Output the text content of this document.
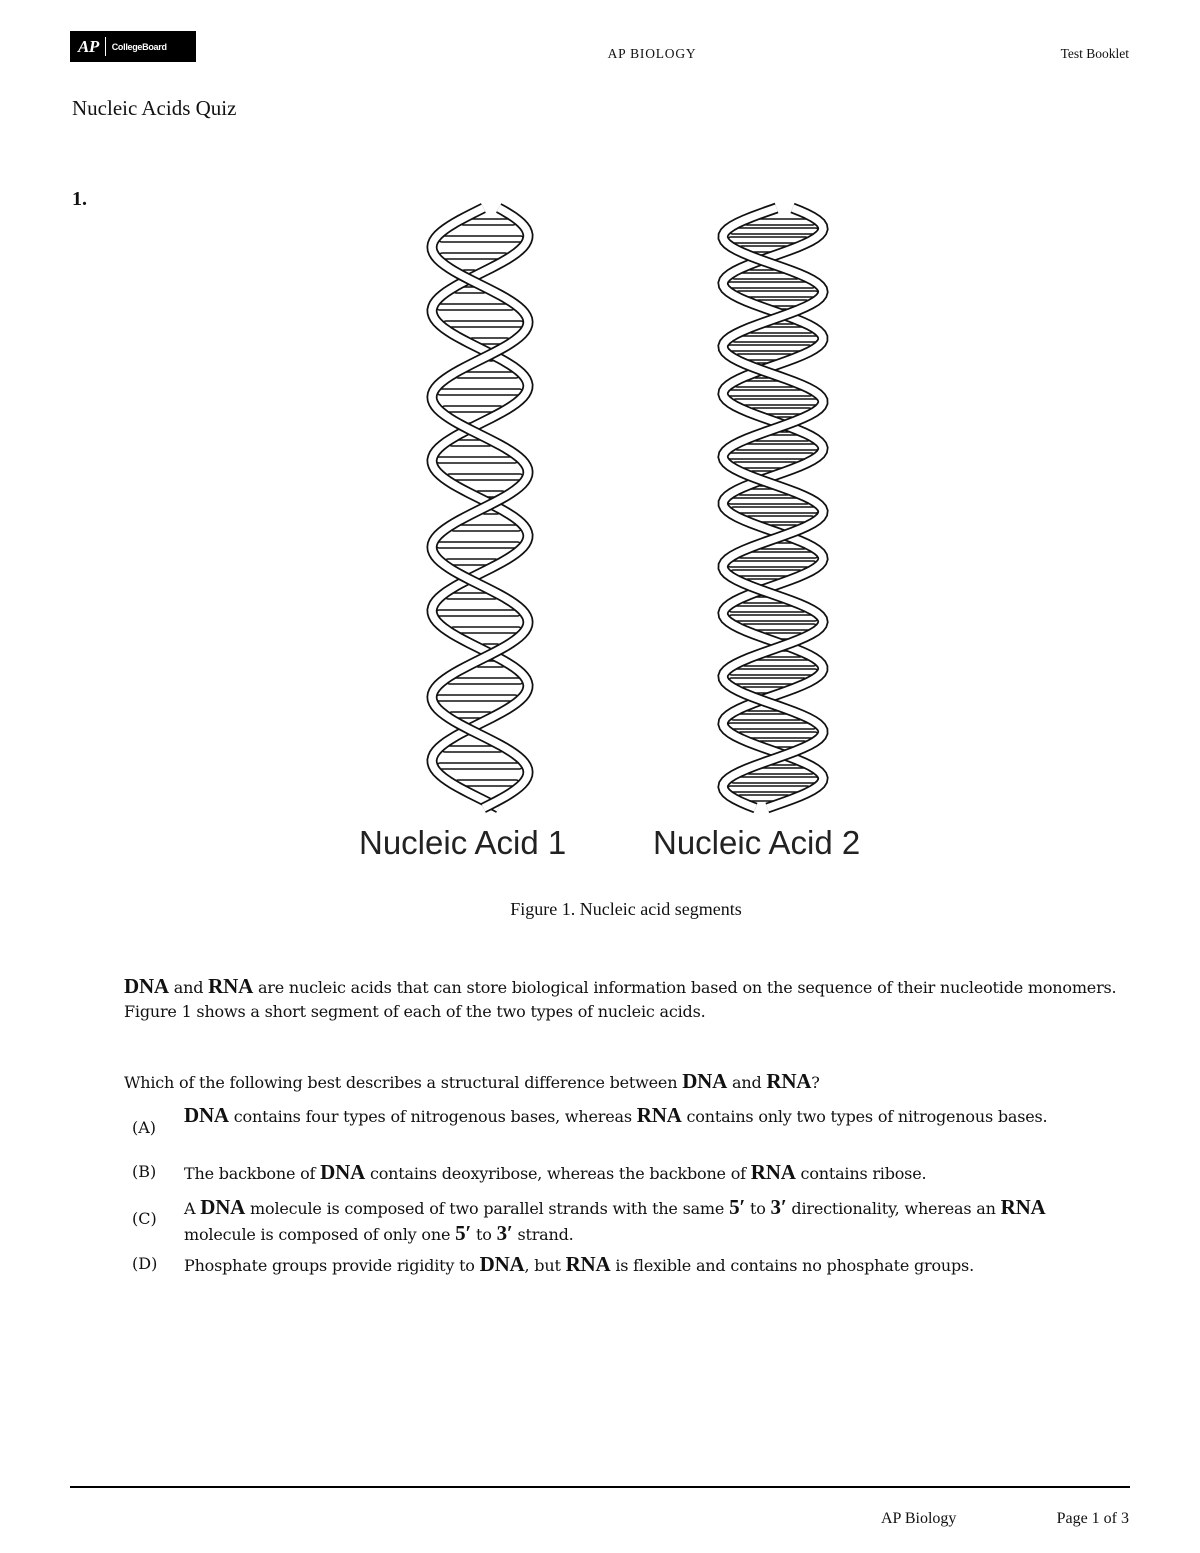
AP CollegeBoard	AP BIOLOGY	Test Booklet
Nucleic Acids Quiz
1.
Nucleic Acid 1	Nucleic Acid 2
Figure 1. Nucleic acid segments
DNA and RNA are nucleic acids that can store biological information based on the sequence of their nucleotide monomers. Figure 1 shows a short segment of each of the two types of nucleic acids.
Which of the following best describes a structural difference between DNA and RNA?
(A)
DNA contains four types of nitrogenous bases, whereas RNA contains only two types of nitrogenous bases.
(B) The backbone of DNA contains deoxyribose, whereas the backbone of RNA contains ribose.
(C)
A DNA molecule is composed of two parallel strands with the same 5′ to 3′ directionality, whereas an RNA molecule is composed of only one 5′ to 3′ strand.
(D) Phosphate groups provide rigidity to DNA, but RNA is flexible and contains no phosphate groups.
AP Biology	Page 1 of 3
